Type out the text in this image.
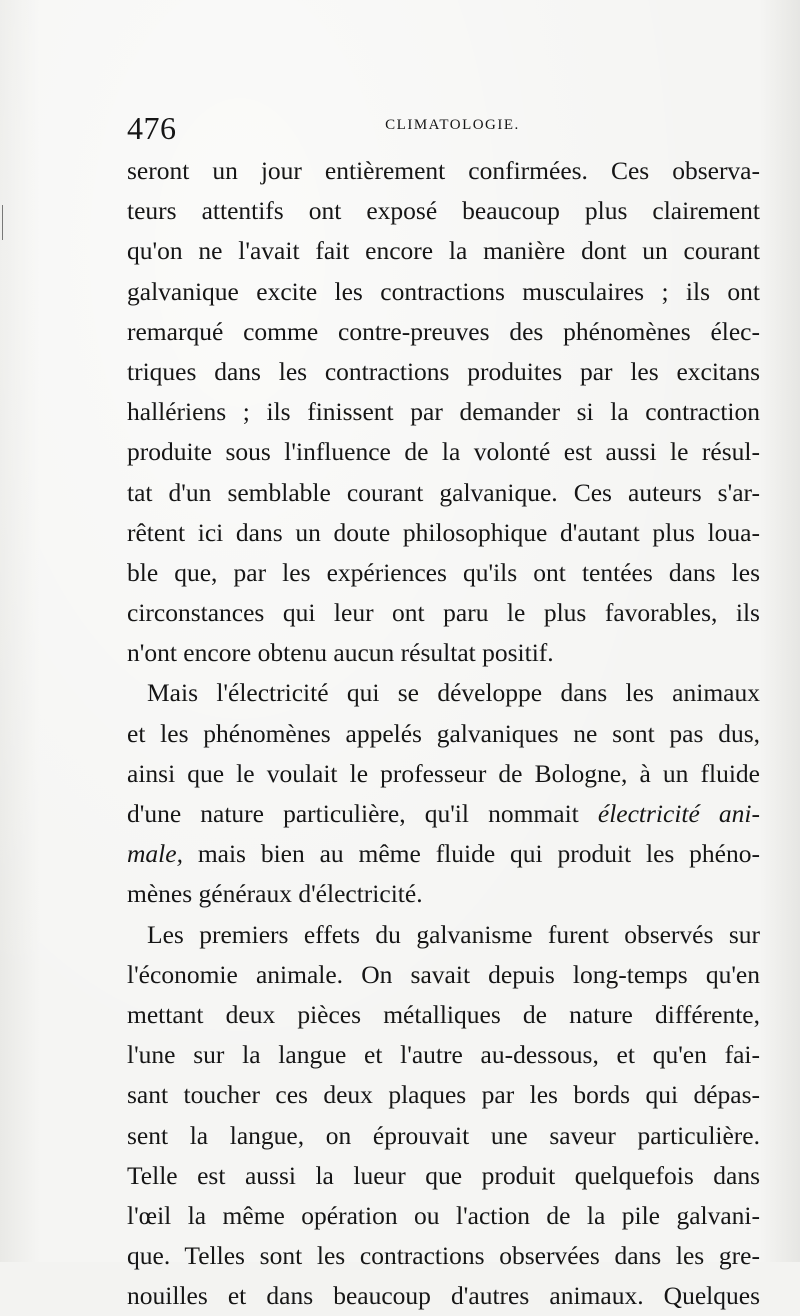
476	CLIMATOLOGIE.
seront un jour entièrement confirmées. Ces observa-
teurs attentifs ont exposé beaucoup plus clairement
qu'on ne l'avait fait encore la manière dont un courant
galvanique excite les contractions musculaires ; ils ont
remarqué comme contre-preuves des phénomènes élec-
triques dans les contractions produites par les excitans
hallériens ; ils finissent par demander si la contraction
produite sous l'influence de la volonté est aussi le résul-
tat d'un semblable courant galvanique. Ces auteurs s'ar-
rêtent ici dans un doute philosophique d'autant plus loua-
ble que, par les expériences qu'ils ont tentées dans les
circonstances qui leur ont paru le plus favorables, ils
n'ont encore obtenu aucun résultat positif.
Mais l'électricité qui se développe dans les animaux
et les phénomènes appelés galvaniques ne sont pas dus,
ainsi que le voulait le professeur de Bologne, à un fluide
d'une nature particulière, qu'il nommait électricité ani-
male, mais bien au même fluide qui produit les phéno-
mènes généraux d'électricité.
Les premiers effets du galvanisme furent observés sur
l'économie animale. On savait depuis long-temps qu'en
mettant deux pièces métalliques de nature différente,
l'une sur la langue et l'autre au-dessous, et qu'en fai-
sant toucher ces deux plaques par les bords qui dépas-
sent la langue, on éprouvait une saveur particulière.
Telle est aussi la lueur que produit quelquefois dans
l'œil la même opération ou l'action de la pile galvani-
que. Telles sont les contractions observées dans les gre-
nouilles et dans beaucoup d'autres animaux. Quelques
